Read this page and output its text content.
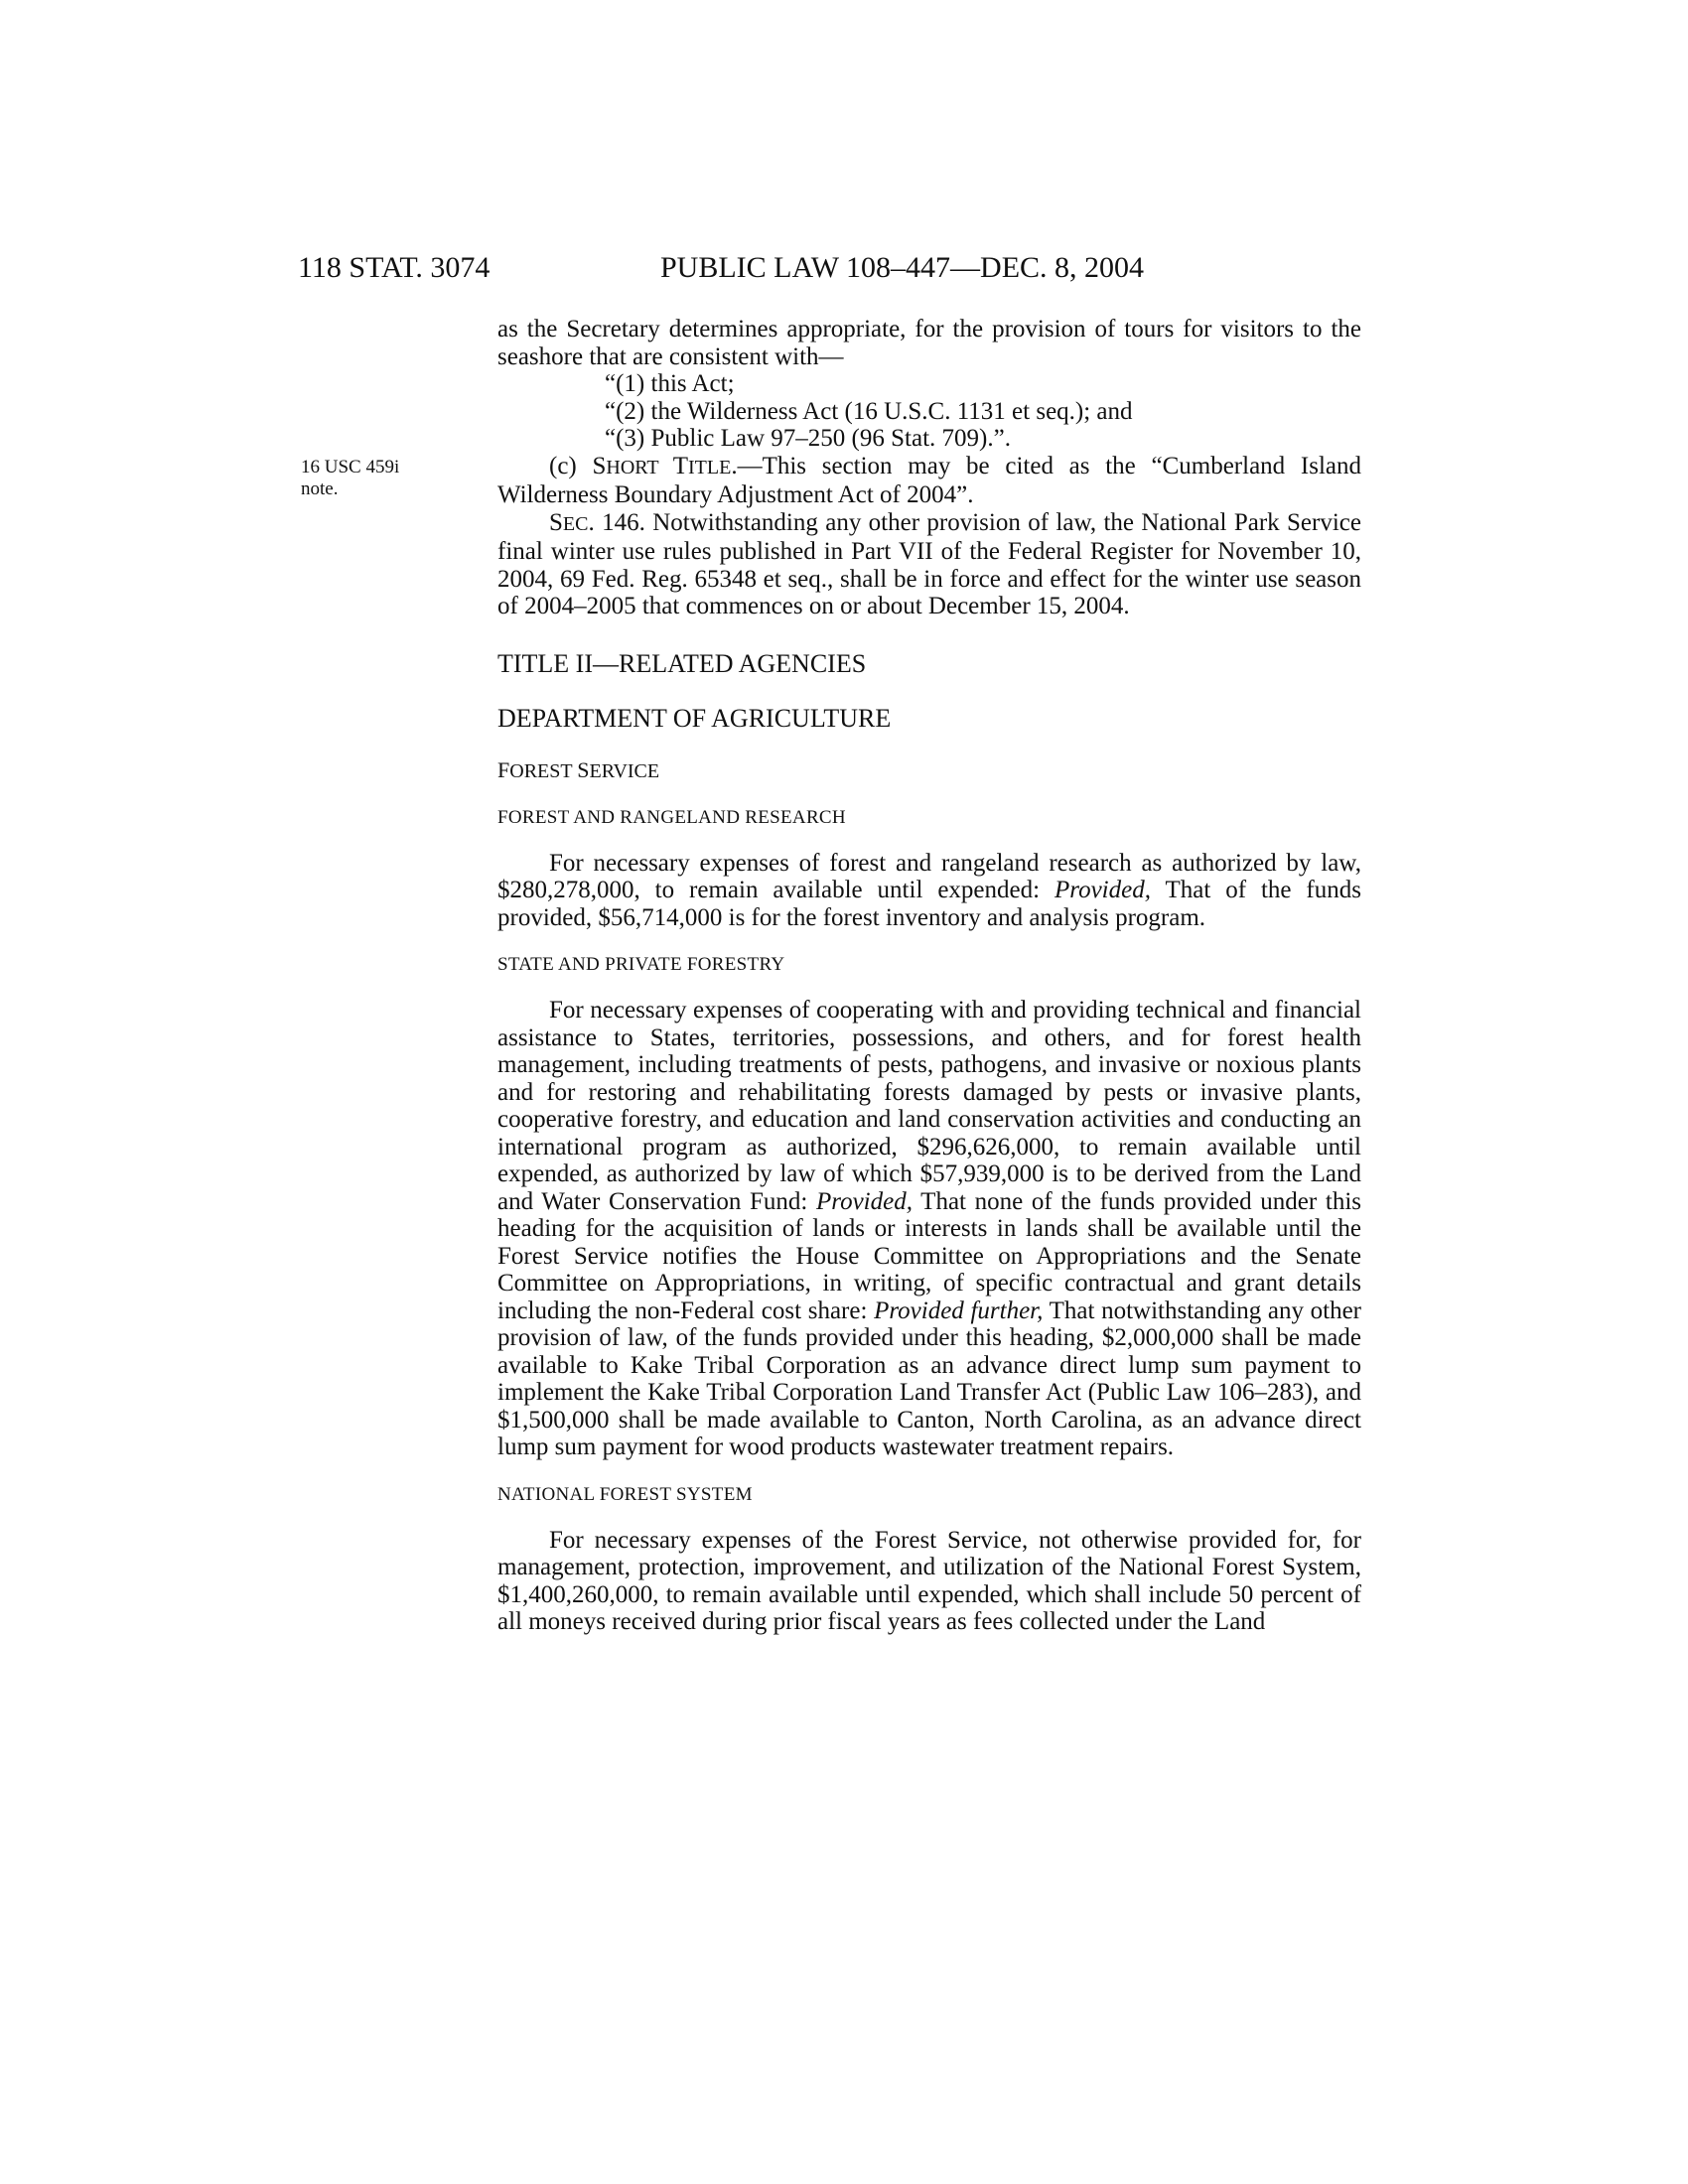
118 STAT. 3074	PUBLIC LAW 108–447—DEC. 8, 2004
16 USC 459i
note.

as the Secretary determines appropriate, for the provision of tours for visitors to the seashore that are consistent with—

“(1) this Act;

“(2) the Wilderness Act (16 U.S.C. 1131 et seq.); and

“(3) Public Law 97–250 (96 Stat. 709).”.

(c) SHORT TITLE.—This section may be cited as the “Cumberland Island Wilderness Boundary Adjustment Act of 2004”.

SEC. 146. Notwithstanding any other provision of law, the National Park Service final winter use rules published in Part VII of the Federal Register for November 10, 2004, 69 Fed. Reg. 65348 et seq., shall be in force and effect for the winter use season of 2004–2005 that commences on or about December 15, 2004.

TITLE II—RELATED AGENCIES

DEPARTMENT OF AGRICULTURE

FOREST SERVICE

FOREST AND RANGELAND RESEARCH

For necessary expenses of forest and rangeland research as authorized by law, $280,278,000, to remain available until expended: Provided, That of the funds provided, $56,714,000 is for the forest inventory and analysis program.

STATE AND PRIVATE FORESTRY

For necessary expenses of cooperating with and providing technical and financial assistance to States, territories, possessions, and others, and for forest health management, including treatments of pests, pathogens, and invasive or noxious plants and for restoring and rehabilitating forests damaged by pests or invasive plants, cooperative forestry, and education and land conservation activities and conducting an international program as authorized, $296,626,000, to remain available until expended, as authorized by law of which $57,939,000 is to be derived from the Land and Water Conservation Fund: Provided, That none of the funds provided under this heading for the acquisition of lands or interests in lands shall be available until the Forest Service notifies the House Committee on Appropriations and the Senate Committee on Appropriations, in writing, of specific contractual and grant details including the non-Federal cost share: Provided further, That notwithstanding any other provision of law, of the funds provided under this heading, $2,000,000 shall be made available to Kake Tribal Corporation as an advance direct lump sum payment to implement the Kake Tribal Corporation Land Transfer Act (Public Law 106–283), and $1,500,000 shall be made available to Canton, North Carolina, as an advance direct lump sum payment for wood products wastewater treatment repairs.

NATIONAL FOREST SYSTEM

For necessary expenses of the Forest Service, not otherwise provided for, for management, protection, improvement, and utilization of the National Forest System, $1,400,260,000, to remain available until expended, which shall include 50 percent of all moneys received during prior fiscal years as fees collected under the Land
